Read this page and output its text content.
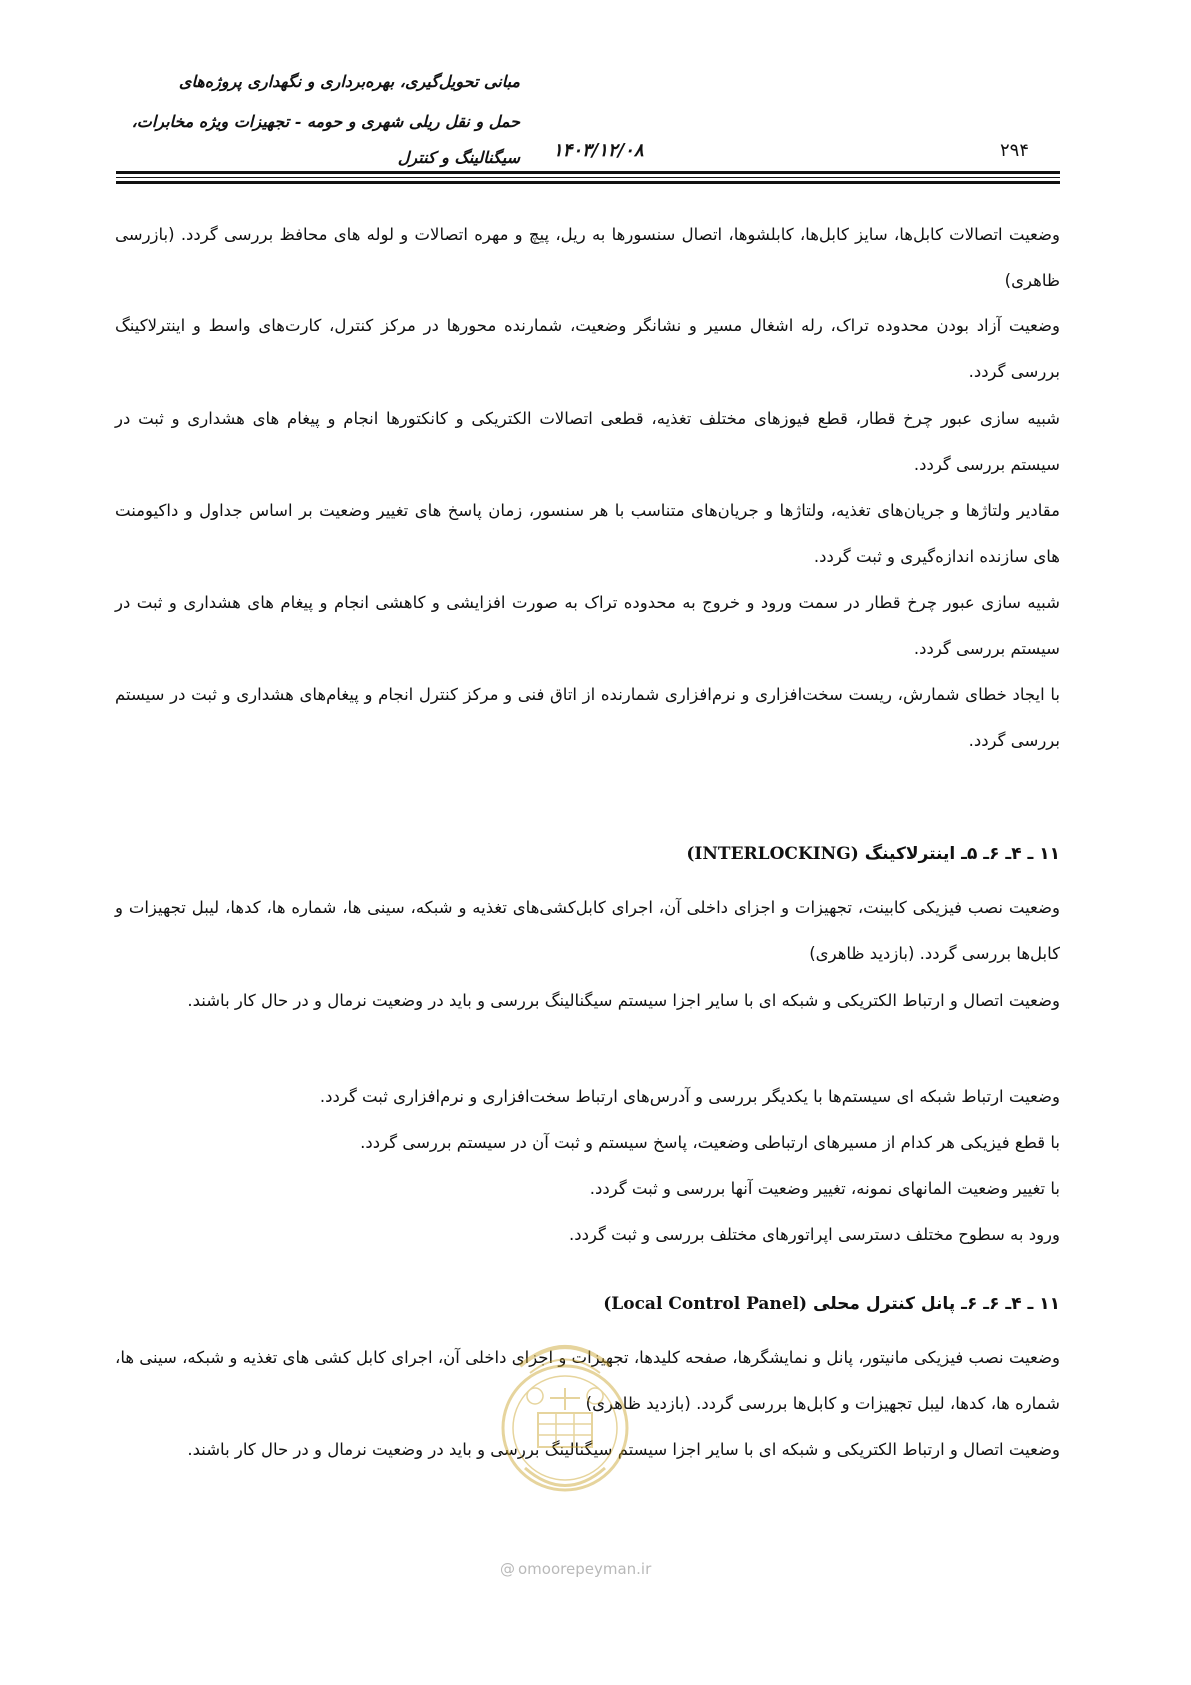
مبانی تحویل‌گیری، بهره‌برداری و نگهداری پروژه‌های
حمل و نقل ریلی شهری و حومه - تجهیزات ویژه مخابرات،
سیگنالینگ و کنترل ۱۴۰۳/۱۲/۰۸	۲۹۴

وضعیت اتصالات کابل‌ها، سایز کابل‌ها، کابلشوها، اتصال سنسورها به ریل، پیچ و مهره اتصالات و لوله های محافظ بررسی گردد. (بازرسی ظاهری)

وضعیت آزاد بودن محدوده تراک، رله اشغال مسیر و نشانگر وضعیت، شمارنده محورها در مرکز کنترل، کارت‌های واسط و اینترلاکینگ بررسی گردد.

شبیه سازی عبور چرخ قطار، قطع فیوزهای مختلف تغذیه، قطعی اتصالات الکتریکی و کانکتورها انجام و پیغام های هشداری و ثبت در سیستم بررسی گردد.

مقادیر ولتاژها و جریان‌های تغذیه، ولتاژها و جریان‌های متناسب با هر سنسور، زمان پاسخ های تغییر وضعیت بر اساس جداول و داکیومنت های سازنده اندازه‌گیری و ثبت گردد.

شبیه سازی عبور چرخ قطار در سمت ورود و خروج به محدوده تراک به صورت افزایشی و کاهشی انجام و پیغام های هشداری و ثبت در سیستم بررسی گردد.

با ایجاد خطای شمارش، ریست سخت‌افزاری و نرم‌افزاری شمارنده از اتاق فنی و مرکز کنترل انجام و پیغام‌های هشداری و ثبت در سیستم بررسی گردد.

۱۱ ـ ۴ـ ۶ـ ۵ـ اینترلاکینگ (INTERLOCKING)

وضعیت نصب فیزیکی کابینت، تجهیزات و اجزای داخلی آن، اجرای کابل‌کشی‌های تغذیه و شبکه، سینی ها، شماره ها، کدها، لیبل تجهیزات و کابل‌ها بررسی گردد. (بازدید ظاهری)

وضعیت اتصال و ارتباط الکتریکی و شبکه ای با سایر اجزا سیستم سیگنالینگ بررسی و باید در وضعیت نرمال و در حال کار باشند.

وضعیت ارتباط شبکه ای سیستم‌ها با یکدیگر بررسی و آدرس‌های ارتباط سخت‌افزاری و نرم‌افزاری ثبت گردد.
با قطع فیزیکی هر کدام از مسیرهای ارتباطی وضعیت، پاسخ سیستم و ثبت آن در سیستم بررسی گردد.
با تغییر وضعیت المانهای نمونه، تغییر وضعیت آنها بررسی و ثبت گردد.
ورود به سطوح مختلف دسترسی اپراتورهای مختلف بررسی و ثبت گردد.
۱۱ ـ ۴ـ ۶ـ ۶ـ پانل کنترل محلی (Local Control Panel)

وضعیت نصب فیزیکی مانیتور، پانل و نمایشگرها، صفحه کلیدها، تجهیزات و اجزای داخلی آن، اجرای کابل کشی های تغذیه و شبکه، سینی ها، شماره ها، کدها، لیبل تجهیزات و کابل‌ها بررسی گردد. (بازدید ظاهری)

وضعیت اتصال و ارتباط الکتریکی و شبکه ای با سایر اجزا سیستم سیگنالینگ بررسی و باید در وضعیت نرمال و در حال کار باشند.

@ omoorepeyman.ir
